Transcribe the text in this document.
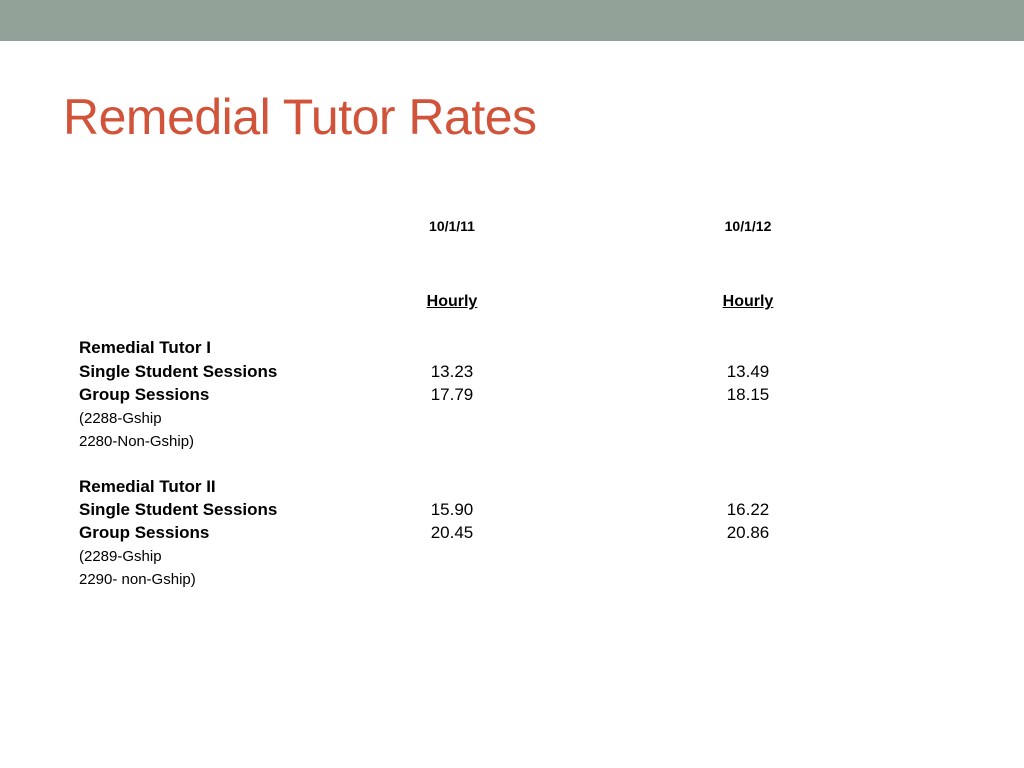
Remedial Tutor Rates
10/1/11	10/1/12
Hourly	Hourly
Remedial Tutor I
Single Student Sessions	13.23	13.49
Group Sessions	17.79	18.15
(2288-Gship
2280-Non-Gship)
Remedial Tutor II
Single Student Sessions	15.90	16.22
Group Sessions	20.45	20.86
(2289-Gship
2290- non-Gship)
